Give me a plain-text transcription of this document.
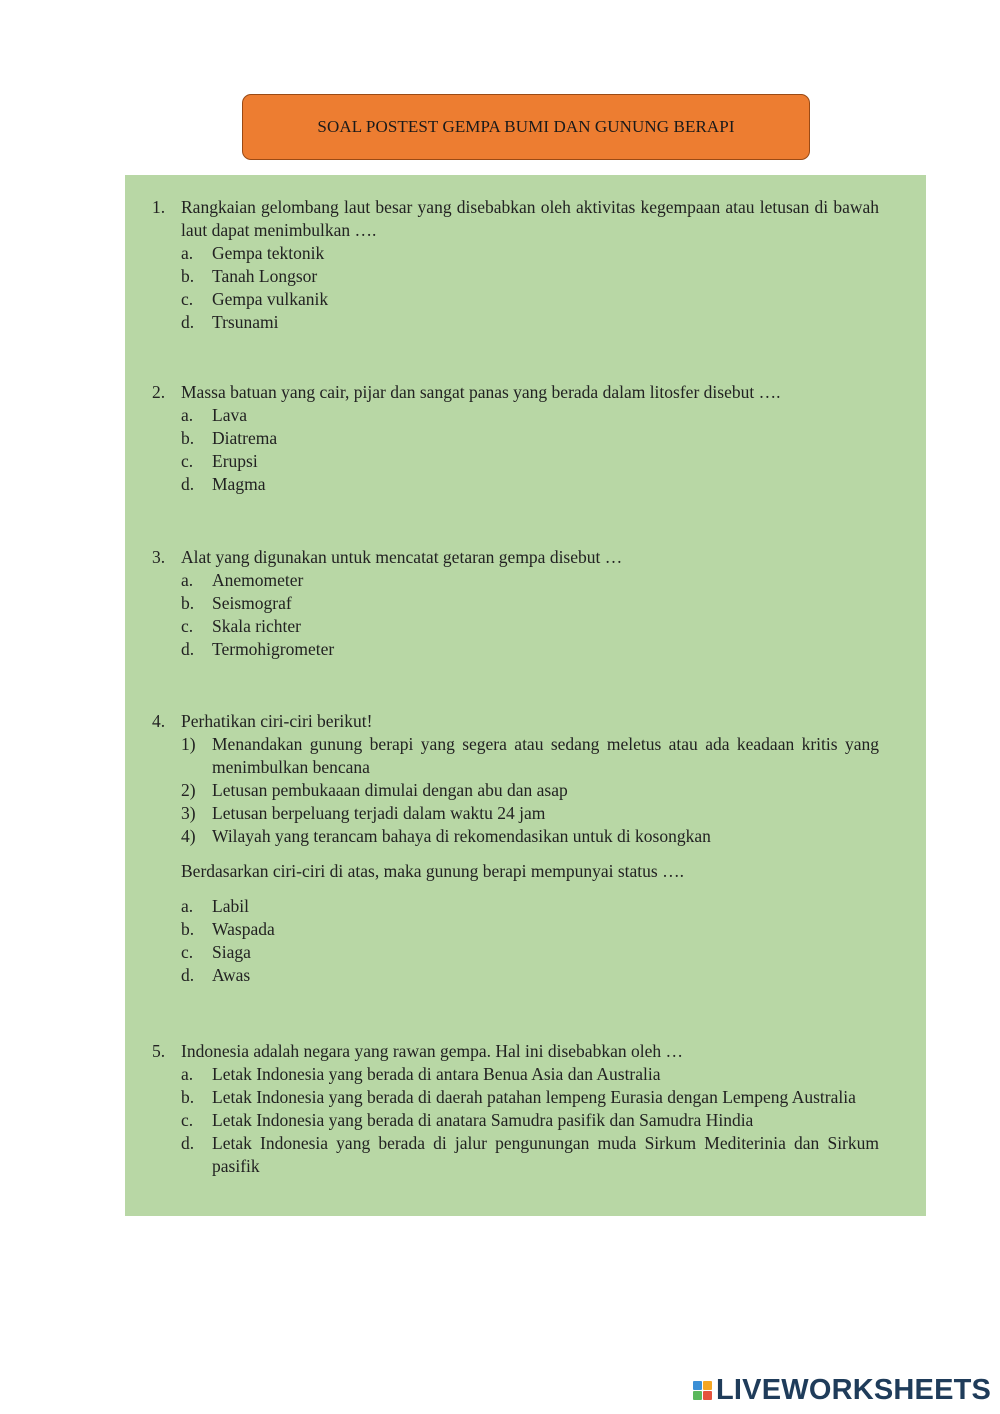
SOAL POSTEST GEMPA BUMI DAN GUNUNG BERAPI
1. Rangkaian gelombang laut besar yang disebabkan oleh aktivitas kegempaan atau letusan di bawah laut dapat menimbulkan ….
a. Gempa tektonik
b. Tanah Longsor
c. Gempa vulkanik
d. Trsunami
2. Massa batuan yang cair, pijar dan sangat panas yang berada dalam litosfer disebut ….
a. Lava
b. Diatrema
c. Erupsi
d. Magma
3. Alat yang digunakan untuk mencatat getaran gempa disebut …
a. Anemometer
b. Seismograf
c. Skala richter
d. Termohigrometer
4. Perhatikan ciri-ciri berikut!
1) Menandakan gunung berapi yang segera atau sedang meletus atau ada keadaan kritis yang menimbulkan bencana
2) Letusan pembukaaan dimulai dengan abu dan asap
3) Letusan berpeluang terjadi dalam waktu 24 jam
4) Wilayah yang terancam bahaya di rekomendasikan untuk di kosongkan
Berdasarkan ciri-ciri di atas, maka gunung berapi mempunyai status ….
a. Labil
b. Waspada
c. Siaga
d. Awas
5. Indonesia adalah negara yang rawan gempa. Hal ini disebabkan oleh …
a. Letak Indonesia yang berada di antara Benua Asia dan Australia
b. Letak Indonesia yang berada di daerah patahan lempeng Eurasia dengan Lempeng Australia
c. Letak Indonesia yang berada di anatara Samudra pasifik dan Samudra Hindia
d. Letak Indonesia yang berada di jalur pengunungan muda Sirkum Mediterinia dan Sirkum pasifik
LIVEWORKSHEETS
